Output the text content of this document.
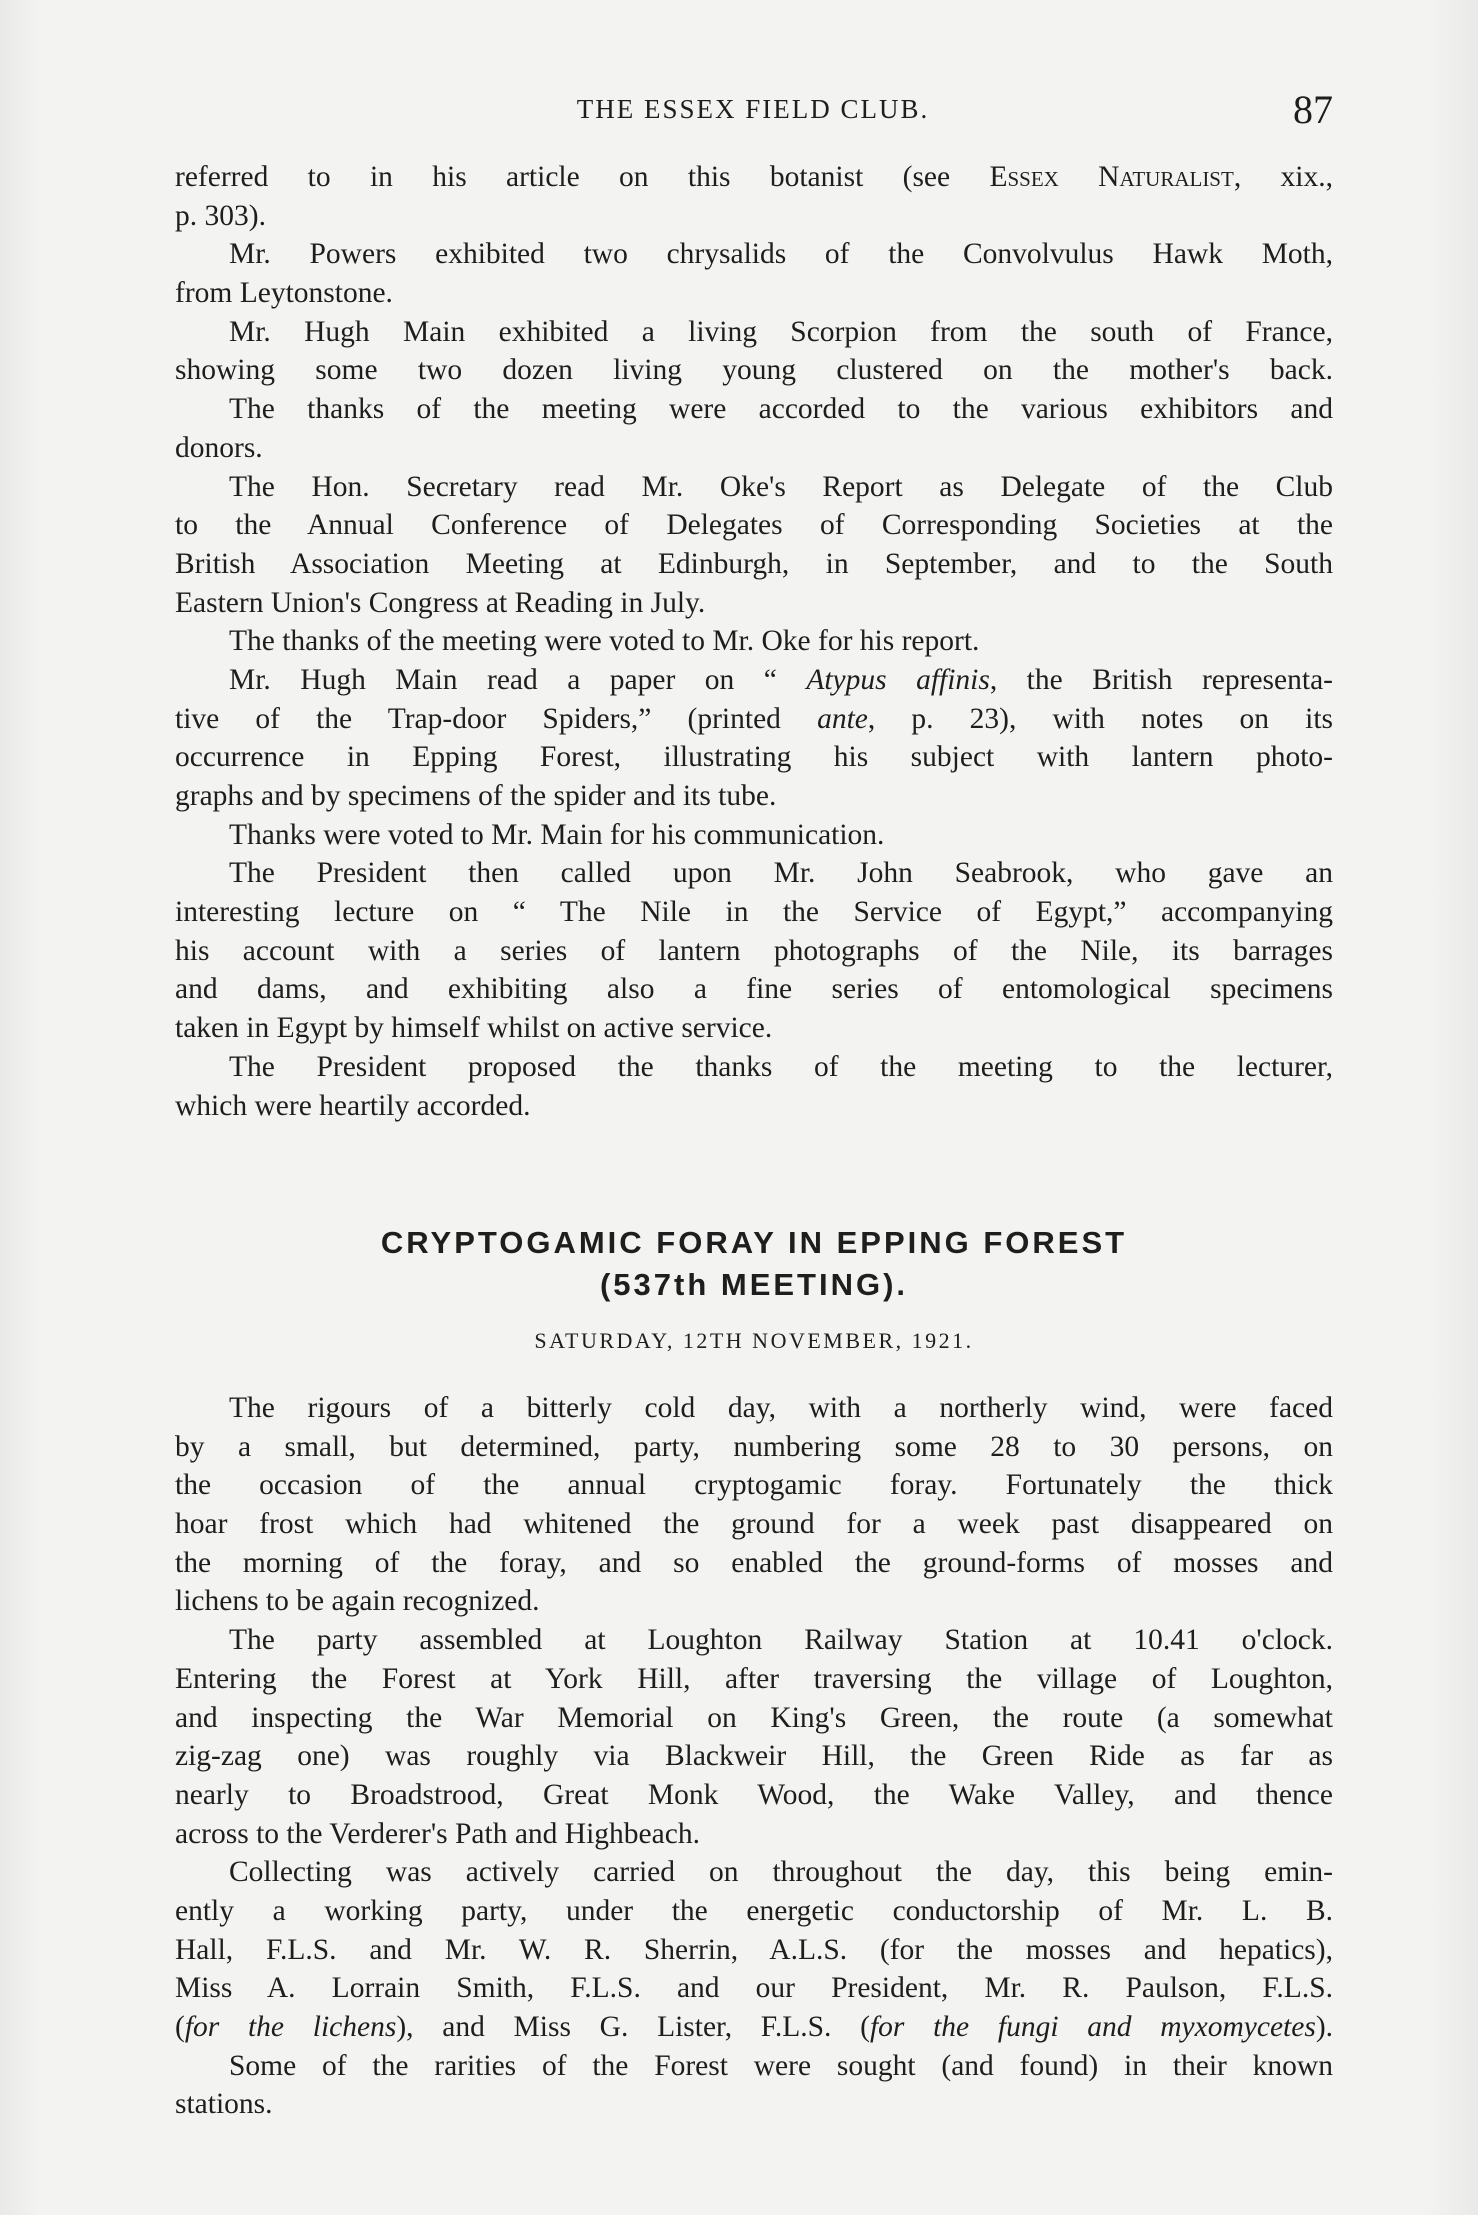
THE ESSEX FIELD CLUB.	87
referred to in his article on this botanist (see Essex Naturalist, xix.,
p. 303).
Mr. Powers exhibited two chrysalids of the Convolvulus Hawk Moth,
from Leytonstone.
Mr. Hugh Main exhibited a living Scorpion from the south of France,
showing some two dozen living young clustered on the mother's back.
The thanks of the meeting were accorded to the various exhibitors and
donors.
The Hon. Secretary read Mr. Oke's Report as Delegate of the Club
to the Annual Conference of Delegates of Corresponding Societies at the
British Association Meeting at Edinburgh, in September, and to the South
Eastern Union's Congress at Reading in July.
The thanks of the meeting were voted to Mr. Oke for his report.
Mr. Hugh Main read a paper on “ Atypus affinis, the British representa-
tive of the Trap-door Spiders,” (printed ante, p. 23), with notes on its
occurrence in Epping Forest, illustrating his subject with lantern photo-
graphs and by specimens of the spider and its tube.
Thanks were voted to Mr. Main for his communication.
The President then called upon Mr. John Seabrook, who gave an
interesting lecture on “ The Nile in the Service of Egypt,” accompanying
his account with a series of lantern photographs of the Nile, its barrages
and dams, and exhibiting also a fine series of entomological specimens
taken in Egypt by himself whilst on active service.
The President proposed the thanks of the meeting to the lecturer,
which were heartily accorded.
CRYPTOGAMIC FORAY IN EPPING FOREST
(537th MEETING).
SATURDAY, 12TH NOVEMBER, 1921.
The rigours of a bitterly cold day, with a northerly wind, were faced
by a small, but determined, party, numbering some 28 to 30 persons, on
the occasion of the annual cryptogamic foray. Fortunately the thick
hoar frost which had whitened the ground for a week past disappeared on
the morning of the foray, and so enabled the ground-forms of mosses and
lichens to be again recognized.
The party assembled at Loughton Railway Station at 10.41 o'clock.
Entering the Forest at York Hill, after traversing the village of Loughton,
and inspecting the War Memorial on King's Green, the route (a somewhat
zig-zag one) was roughly via Blackweir Hill, the Green Ride as far as
nearly to Broadstrood, Great Monk Wood, the Wake Valley, and thence
across to the Verderer's Path and Highbeach.
Collecting was actively carried on throughout the day, this being emin-
ently a working party, under the energetic conductorship of Mr. L. B.
Hall, F.L.S. and Mr. W. R. Sherrin, A.L.S. (for the mosses and hepatics),
Miss A. Lorrain Smith, F.L.S. and our President, Mr. R. Paulson, F.L.S.
(for the lichens), and Miss G. Lister, F.L.S. (for the fungi and myxomycetes).
Some of the rarities of the Forest were sought (and found) in their known
stations.
